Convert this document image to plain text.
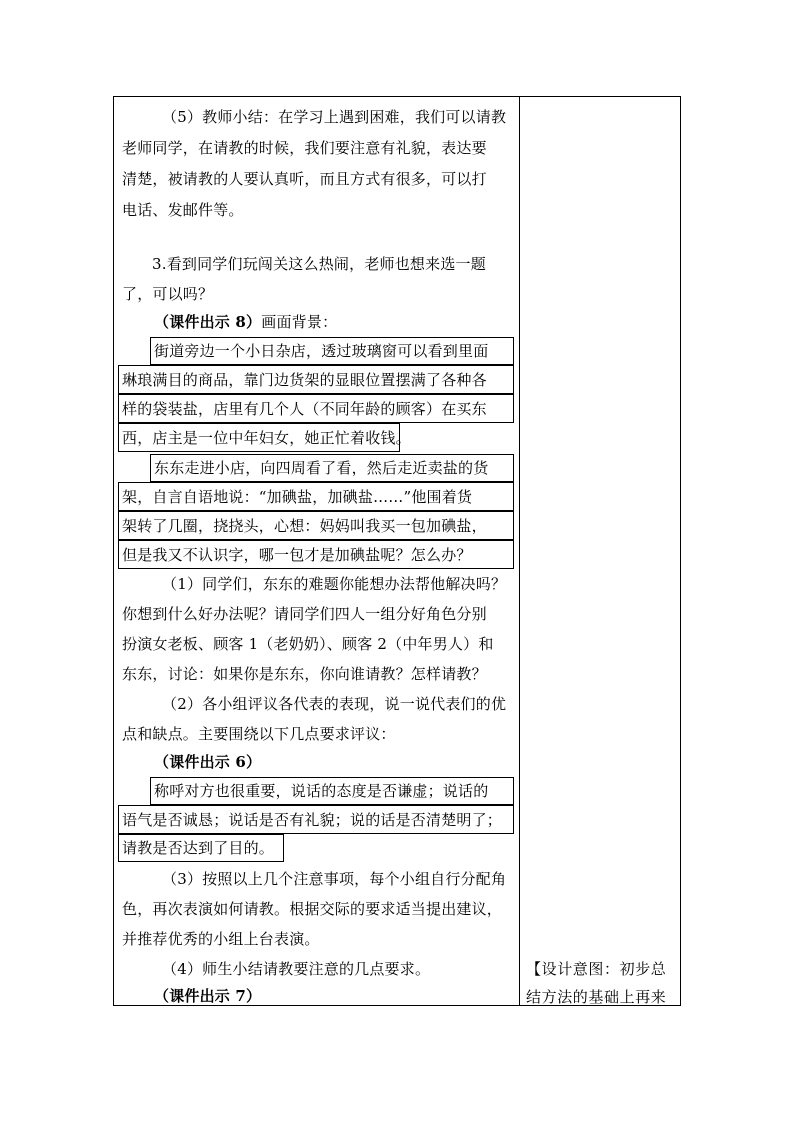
（5）教师小结：在学习上遇到困难，我们可以请教
老师同学，在请教的时候，我们要注意有礼貌，表达要
清楚，被请教的人要认真听，而且方式有很多，可以打
电话、发邮件等。
3.看到同学们玩闯关这么热闹，老师也想来选一题
了，可以吗？
（课件出示 8）画面背景：
街道旁边一个小日杂店，透过玻璃窗可以看到里面
琳琅满目的商品，靠门边货架的显眼位置摆满了各种各
样的袋装盐，店里有几个人（不同年龄的顾客）在买东
西，店主是一位中年妇女，她正忙着收钱。
东东走进小店，向四周看了看，然后走近卖盐的货
架，自言自语地说：“加碘盐，加碘盐……”他围着货
架转了几圈，挠挠头，心想：妈妈叫我买一包加碘盐，
但是我又不认识字，哪一包才是加碘盐呢？怎么办？
（1）同学们，东东的难题你能想办法帮他解决吗？
你想到什么好办法呢？请同学们四人一组分好角色分别
扮演女老板、顾客 1（老奶奶）、顾客 2（中年男人）和
东东，讨论：如果你是东东，你向谁请教？怎样请教？
（2）各小组评议各代表的表现，说一说代表们的优
点和缺点。主要围绕以下几点要求评议：
（课件出示 6）
称呼对方也很重要，说话的态度是否谦虚；说话的
语气是否诚恳；说话是否有礼貌；说的话是否清楚明了；
请教是否达到了目的。
（3）按照以上几个注意事项，每个小组自行分配角
色，再次表演如何请教。根据交际的要求适当提出建议，
并推荐优秀的小组上台表演。
（4）师生小结请教要注意的几点要求。
（课件出示 7）
【设计意图：初步总
结方法的基础上再来
